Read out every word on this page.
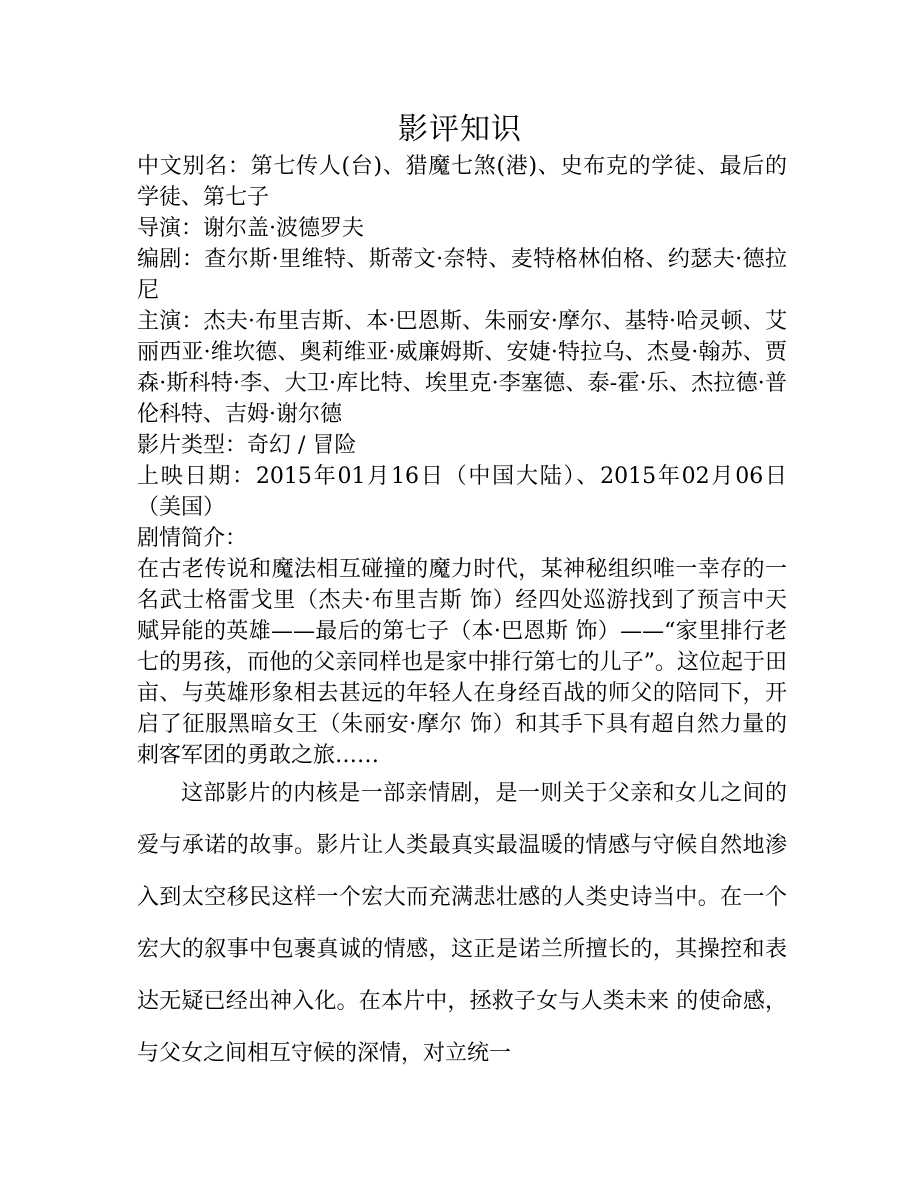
影评知识

中文别名：第七传人(台)、猎魔七煞(港)、史布克的学徒、最后的学徒、第七子

导演：谢尔盖·波德罗夫

编剧：查尔斯·里维特、斯蒂文·奈特、麦特格林伯格、约瑟夫·德拉尼

主演：杰夫·布里吉斯、本·巴恩斯、朱丽安·摩尔、基特·哈灵顿、艾丽西亚·维坎德、奥莉维亚·威廉姆斯、安婕·特拉乌、杰曼·翰苏、贾森·斯科特·李、大卫·库比特、埃里克·李塞德、泰-霍·乐、杰拉德·普伦科特、吉姆·谢尔德

影片类型：奇幻 / 冒险

上映日期：2015年01月16日（中国大陆）、2015年02月06日（美国）

剧情简介：

在古老传说和魔法相互碰撞的魔力时代，某神秘组织唯一幸存的一名武士格雷戈里（杰夫·布里吉斯 饰）经四处巡游找到了预言中天赋异能的英雄——最后的第七子（本·巴恩斯 饰）——“家里排行老七的男孩，而他的父亲同样也是家中排行第七的儿子”。这位起于田亩、与英雄形象相去甚远的年轻人在身经百战的师父的陪同下，开启了征服黑暗女王（朱丽安·摩尔 饰）和其手下具有超自然力量的刺客军团的勇敢之旅……

这部影片的内核是一部亲情剧，是一则关于父亲和女儿之间的爱与承诺的故事。影片让人类最真实最温暖的情感与守候自然地渗入到太空移民这样一个宏大而充满悲壮感的人类史诗当中。在一个宏大的叙事中包裹真诚的情感，这正是诺兰所擅长的，其操控和表达无疑已经出神入化。在本片中，拯救子女与人类未来 的使命感，与父女之间相互守候的深情，对立统一
